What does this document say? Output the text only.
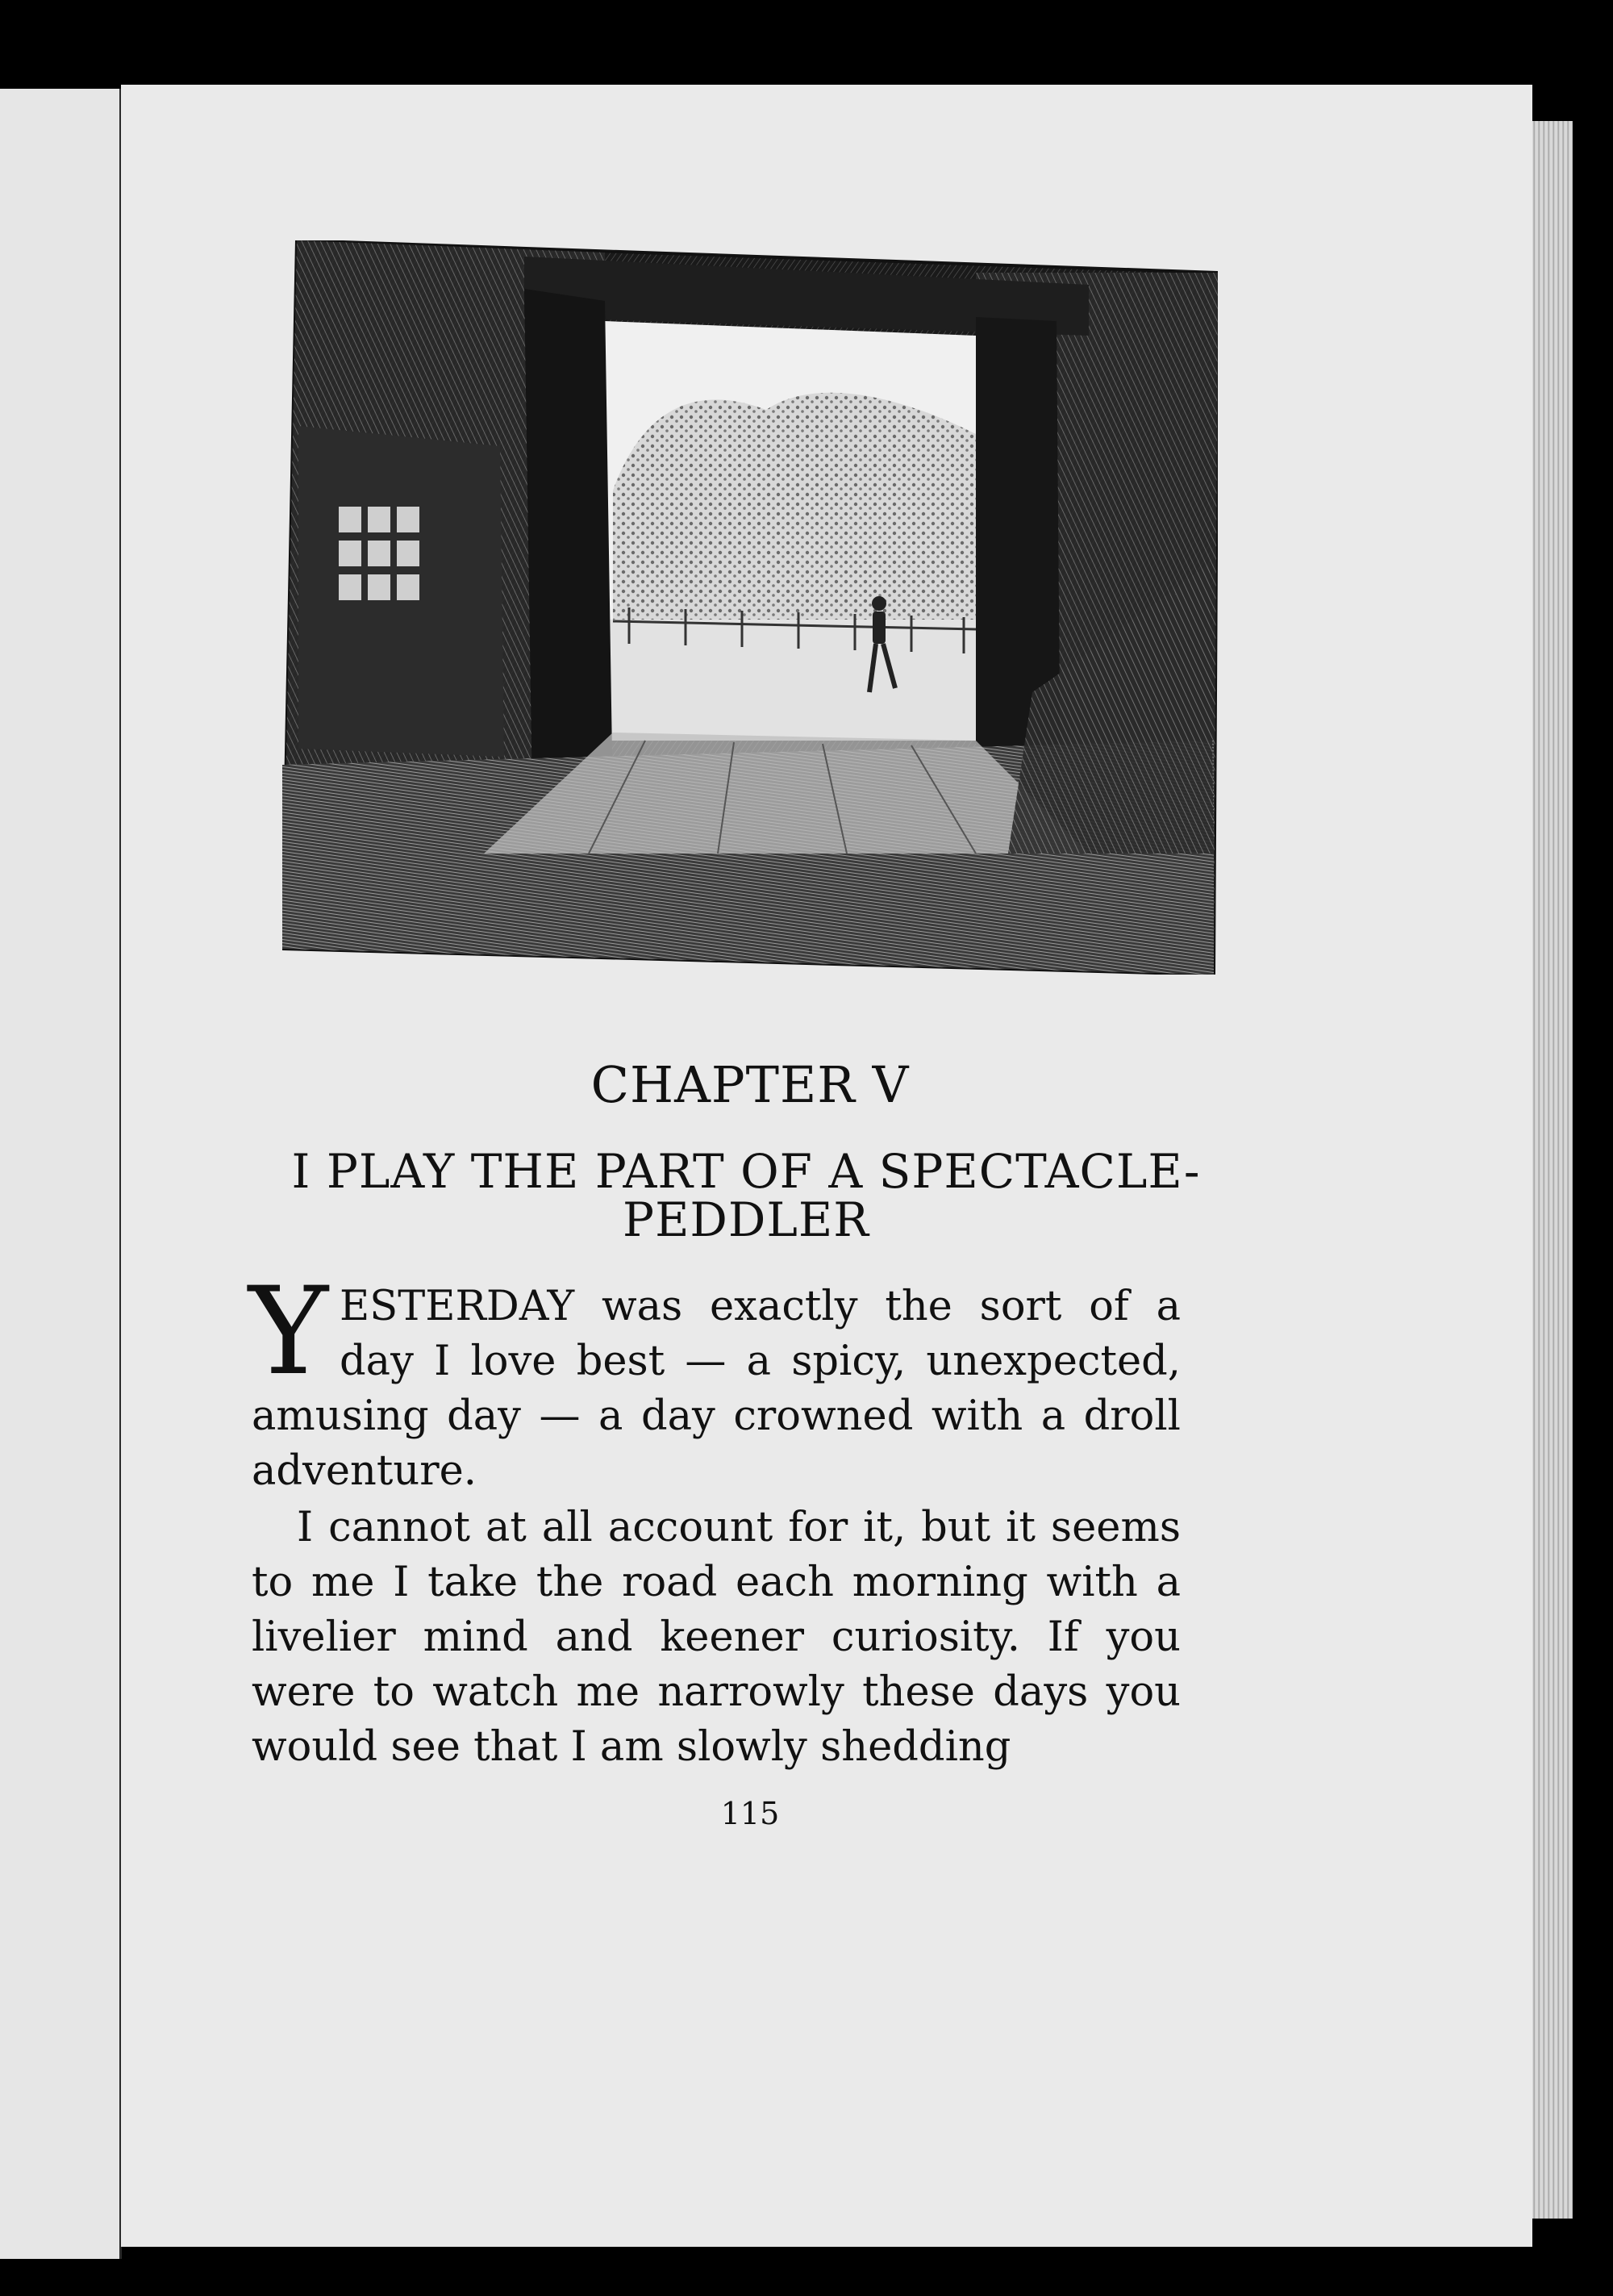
CHAPTER V
I PLAY THE PART OF A SPECTACLE-PEDDLER
YESTERDAY was exactly the sort of a day I love best — a spicy, unexpected, amusing day — a day crowned with a droll adventure.
I cannot at all account for it, but it seems to me I take the road each morning with a livelier mind and keener curiosity. If you were to watch me narrowly these days you would see that I am slowly shedding
115
